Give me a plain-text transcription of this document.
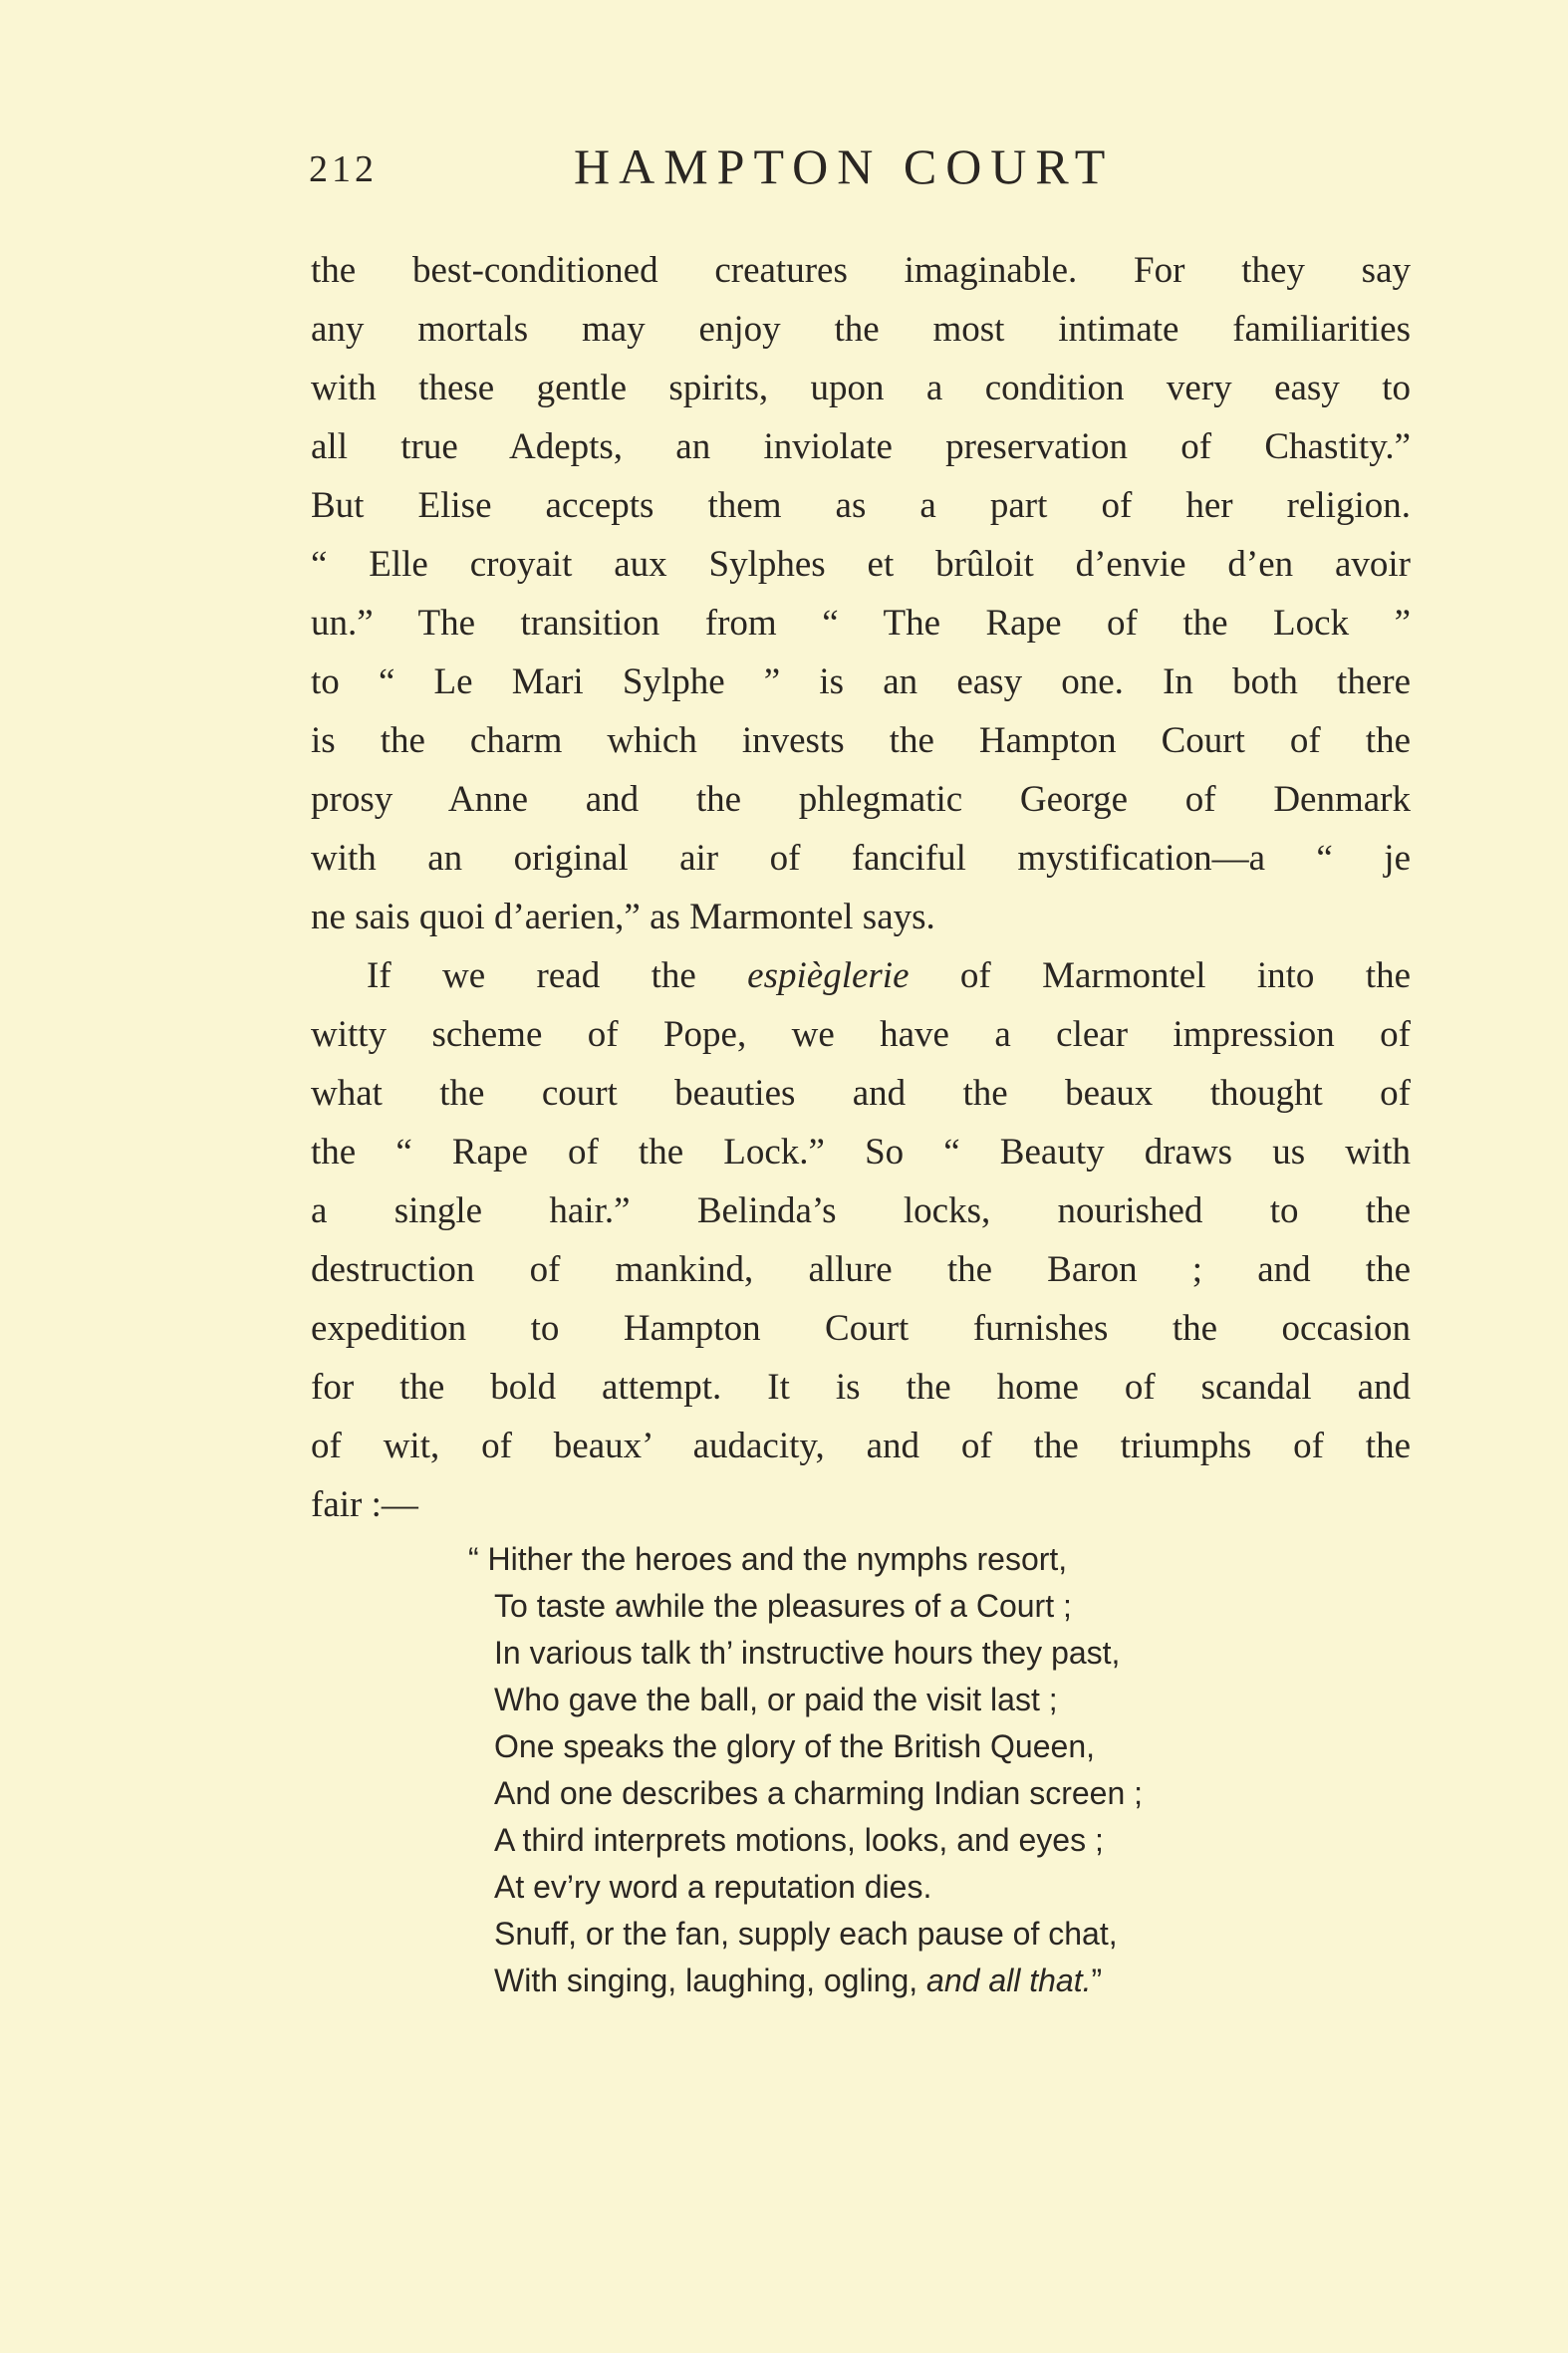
212	HAMPTON COURT
the best-conditioned creatures imaginable. For they say
any mortals may enjoy the most intimate familiarities
with these gentle spirits, upon a condition very easy to
all true Adepts, an inviolate preservation of Chastity.”
But Elise accepts them as a part of her religion.
“ Elle croyait aux Sylphes et brûloit d’envie d’en avoir
un.” The transition from “ The Rape of the Lock ”
to “ Le Mari Sylphe ” is an easy one. In both there
is the charm which invests the Hampton Court of the
prosy Anne and the phlegmatic George of Denmark
with an original air of fanciful mystification—a “ je
ne sais quoi d’aerien,” as Marmontel says.
If we read the espièglerie of Marmontel into the
witty scheme of Pope, we have a clear impression of
what the court beauties and the beaux thought of
the “ Rape of the Lock.” So “ Beauty draws us with
a single hair.” Belinda’s locks, nourished to the
destruction of mankind, allure the Baron ; and the
expedition to Hampton Court furnishes the occasion
for the bold attempt. It is the home of scandal and
of wit, of beaux’ audacity, and of the triumphs of the
fair :—
“ Hither the heroes and the nymphs resort,
To taste awhile the pleasures of a Court ;
In various talk th’ instructive hours they past,
Who gave the ball, or paid the visit last ;
One speaks the glory of the British Queen,
And one describes a charming Indian screen ;
A third interprets motions, looks, and eyes ;
At ev’ry word a reputation dies.
Snuff, or the fan, supply each pause of chat,
With singing, laughing, ogling, and all that.”
